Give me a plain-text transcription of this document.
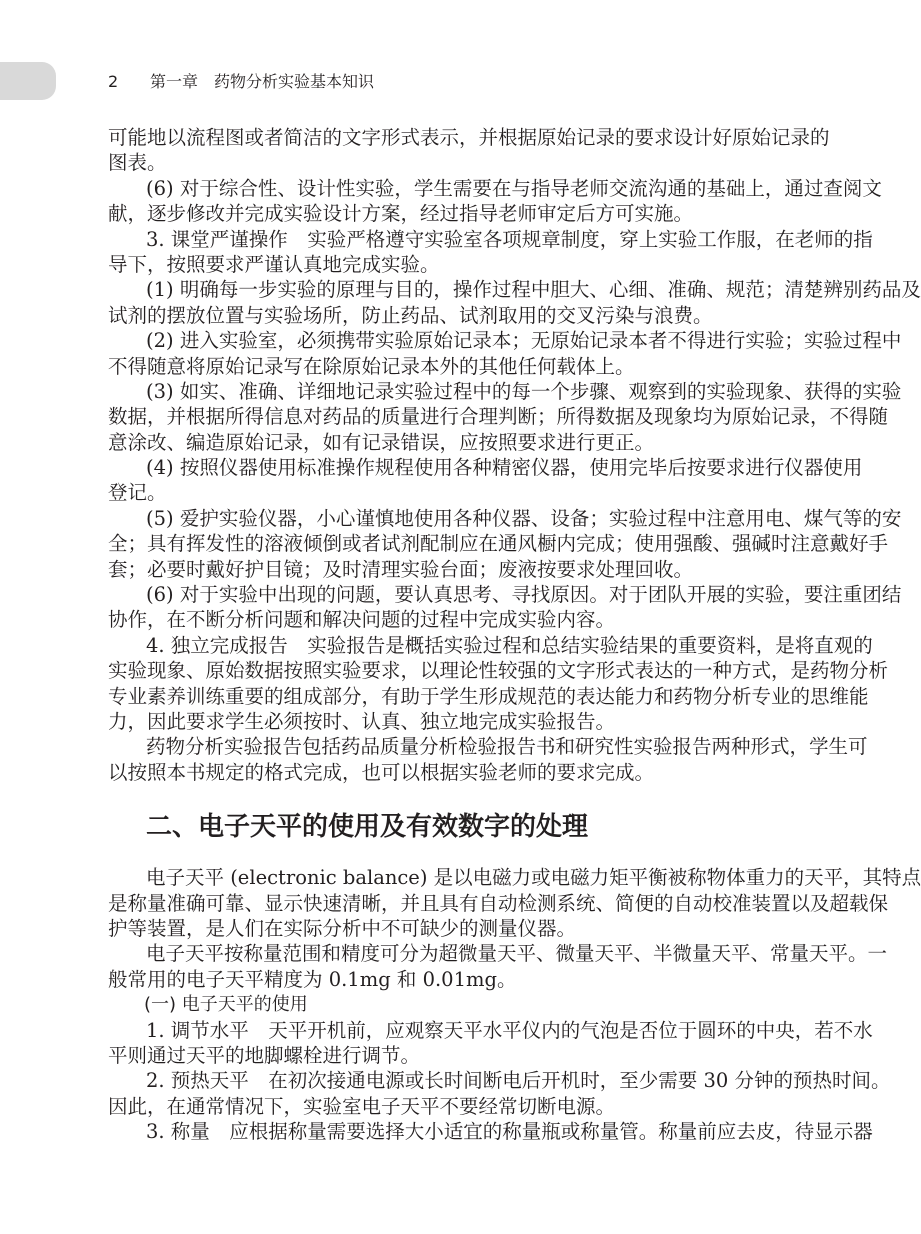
2 第一章　药物分析实验基本知识
可能地以流程图或者简洁的文字形式表示，并根据原始记录的要求设计好原始记录的
图表。
(6) 对于综合性、设计性实验，学生需要在与指导老师交流沟通的基础上，通过查阅文
献，逐步修改并完成实验设计方案，经过指导老师审定后方可实施。
3. 课堂严谨操作　实验严格遵守实验室各项规章制度，穿上实验工作服，在老师的指
导下，按照要求严谨认真地完成实验。
(1) 明确每一步实验的原理与目的，操作过程中胆大、心细、准确、规范；清楚辨别药品及
试剂的摆放位置与实验场所，防止药品、试剂取用的交叉污染与浪费。
(2) 进入实验室，必须携带实验原始记录本；无原始记录本者不得进行实验；实验过程中
不得随意将原始记录写在除原始记录本外的其他任何载体上。
(3) 如实、准确、详细地记录实验过程中的每一个步骤、观察到的实验现象、获得的实验
数据，并根据所得信息对药品的质量进行合理判断；所得数据及现象均为原始记录，不得随
意涂改、编造原始记录，如有记录错误，应按照要求进行更正。
(4) 按照仪器使用标准操作规程使用各种精密仪器，使用完毕后按要求进行仪器使用
登记。
(5) 爱护实验仪器，小心谨慎地使用各种仪器、设备；实验过程中注意用电、煤气等的安
全；具有挥发性的溶液倾倒或者试剂配制应在通风橱内完成；使用强酸、强碱时注意戴好手
套；必要时戴好护目镜；及时清理实验台面；废液按要求处理回收。
(6) 对于实验中出现的问题，要认真思考、寻找原因。对于团队开展的实验，要注重团结
协作，在不断分析问题和解决问题的过程中完成实验内容。
4. 独立完成报告　实验报告是概括实验过程和总结实验结果的重要资料，是将直观的
实验现象、原始数据按照实验要求，以理论性较强的文字形式表达的一种方式，是药物分析
专业素养训练重要的组成部分，有助于学生形成规范的表达能力和药物分析专业的思维能
力，因此要求学生必须按时、认真、独立地完成实验报告。
药物分析实验报告包括药品质量分析检验报告书和研究性实验报告两种形式，学生可
以按照本书规定的格式完成，也可以根据实验老师的要求完成。
二、电子天平的使用及有效数字的处理
电子天平 (electronic balance) 是以电磁力或电磁力矩平衡被称物体重力的天平，其特点
是称量准确可靠、显示快速清晰，并且具有自动检测系统、简便的自动校准装置以及超载保
护等装置，是人们在实际分析中不可缺少的测量仪器。
电子天平按称量范围和精度可分为超微量天平、微量天平、半微量天平、常量天平。一
般常用的电子天平精度为 0.1mg 和 0.01mg。
(一) 电子天平的使用
1. 调节水平　天平开机前，应观察天平水平仪内的气泡是否位于圆环的中央，若不水
平则通过天平的地脚螺栓进行调节。
2. 预热天平　在初次接通电源或长时间断电后开机时，至少需要 30 分钟的预热时间。
因此，在通常情况下，实验室电子天平不要经常切断电源。
3. 称量　应根据称量需要选择大小适宜的称量瓶或称量管。称量前应去皮，待显示器
